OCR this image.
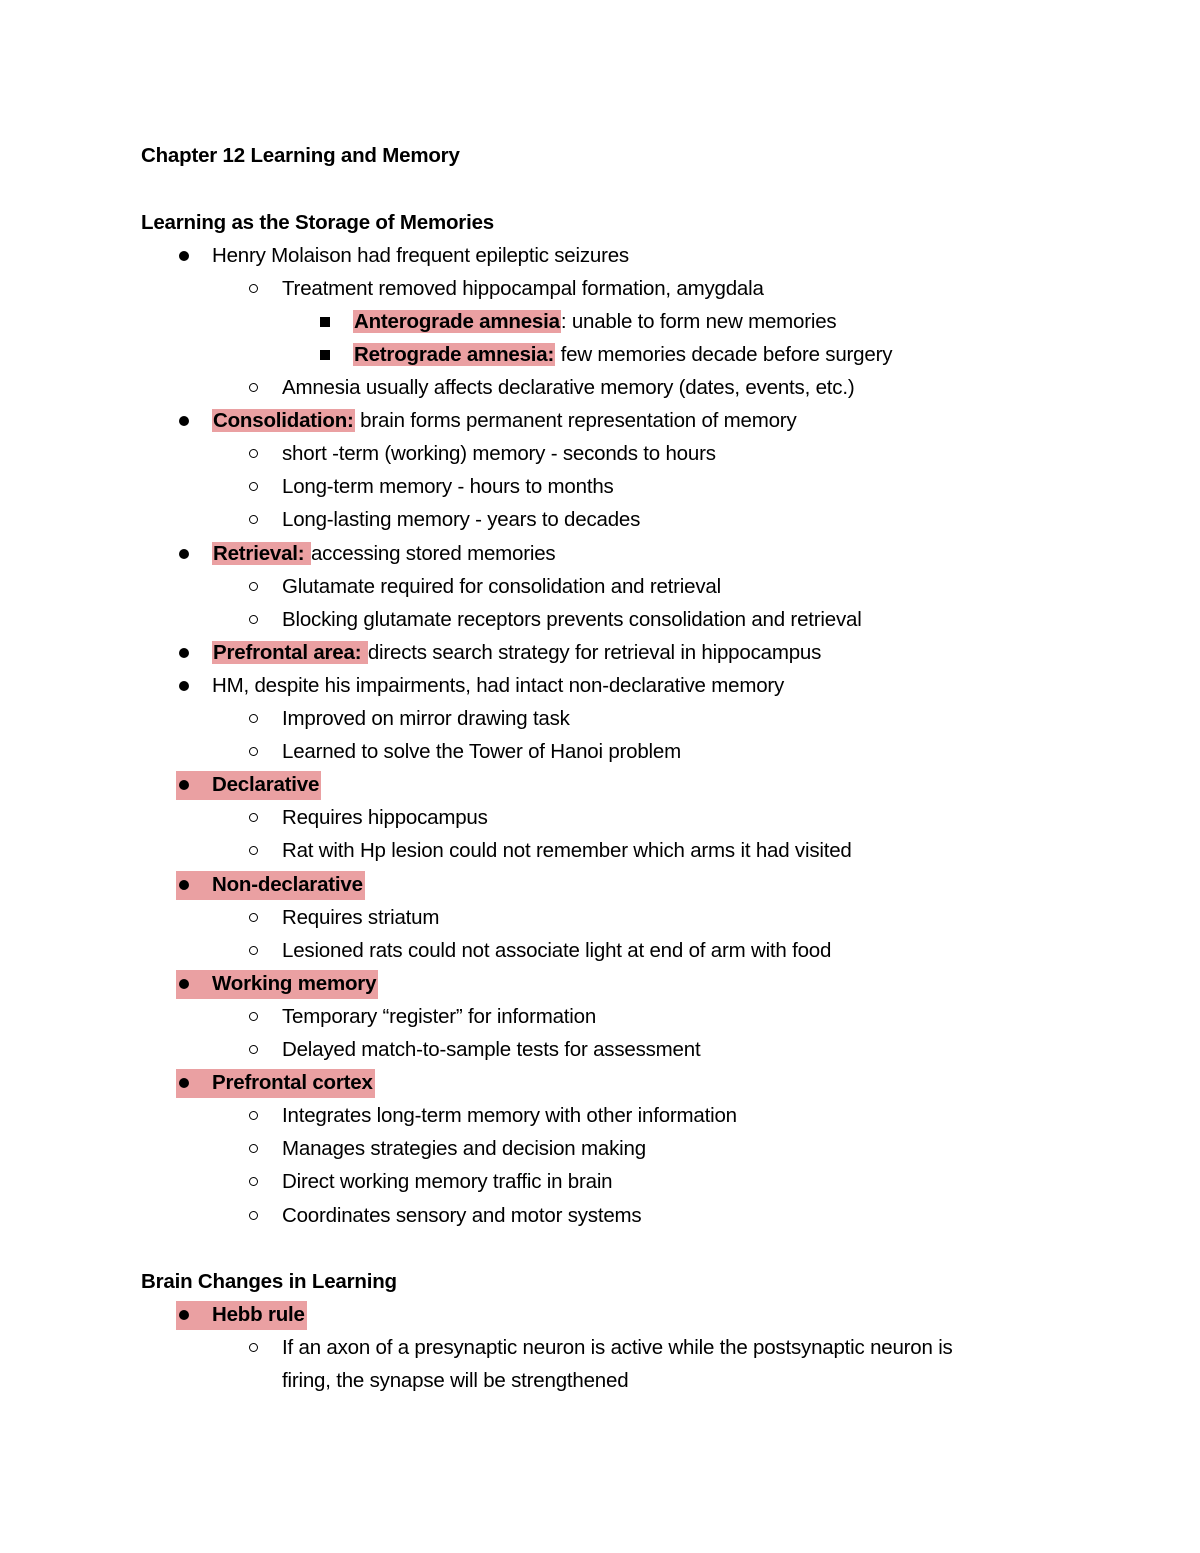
Chapter 12 Learning and Memory
Learning as the Storage of Memories
Henry Molaison had frequent epileptic seizures
Treatment removed hippocampal formation, amygdala
Anterograde amnesia: unable to form new memories
Retrograde amnesia: few memories decade before surgery
Amnesia usually affects declarative memory (dates, events, etc.)
Consolidation: brain forms permanent representation of memory
short -term (working) memory - seconds to hours
Long-term memory - hours to months
Long-lasting memory - years to decades
Retrieval: accessing stored memories
Glutamate required for consolidation and retrieval
Blocking glutamate receptors prevents consolidation and retrieval
Prefrontal area: directs search strategy for retrieval in hippocampus
HM, despite his impairments, had intact non-declarative memory
Improved on mirror drawing task
Learned to solve the Tower of Hanoi problem
Declarative
Requires hippocampus
Rat with Hp lesion could not remember which arms it had visited
Non-declarative
Requires striatum
Lesioned rats could not associate light at end of arm with food
Working memory
Temporary “register” for information
Delayed match-to-sample tests for assessment
Prefrontal cortex
Integrates long-term memory with other information
Manages strategies and decision making
Direct working memory traffic in brain
Coordinates sensory and motor systems
Brain Changes in Learning
Hebb rule
If an axon of a presynaptic neuron is active while the postsynaptic neuron is
firing, the synapse will be strengthened
